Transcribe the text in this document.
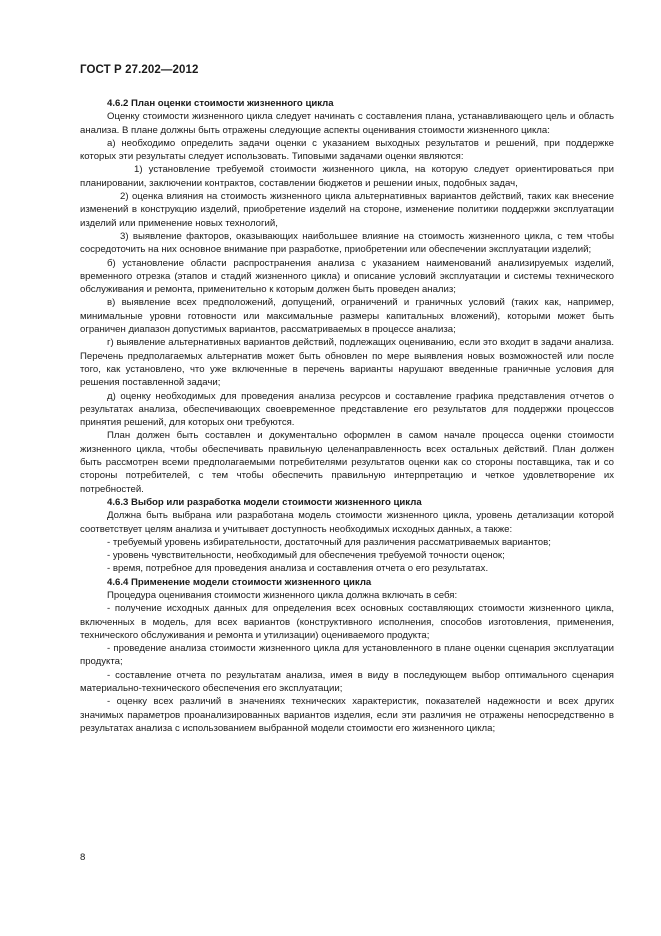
ГОСТ Р 27.202—2012

4.6.2 План оценки стоимости жизненного цикла

Оценку стоимости жизненного цикла следует начинать с составления плана, устанавливающего цель и область анализа. В плане должны быть отражены следующие аспекты оценивания стоимости жизненного цикла:

а) необходимо определить задачи оценки с указанием выходных результатов и решений, при поддержке которых эти результаты следует использовать. Типовыми задачами оценки являются:

1) установление требуемой стоимости жизненного цикла, на которую следует ориентироваться при планировании, заключении контрактов, составлении бюджетов и решении иных, подобных задач,

2) оценка влияния на стоимость жизненного цикла альтернативных вариантов действий, таких как внесение изменений в конструкцию изделий, приобретение изделий на стороне, изменение политики поддержки эксплуатации изделий или применение новых технологий,

3) выявление факторов, оказывающих наибольшее влияние на стоимость жизненного цикла, с тем чтобы сосредоточить на них основное внимание при разработке, приобретении или обеспечении эксплуатации изделий;

б) установление области распространения анализа с указанием наименований анализируемых изделий, временного отрезка (этапов и стадий жизненного цикла) и описание условий эксплуатации и системы технического обслуживания и ремонта, применительно к которым должен быть проведен анализ;

в) выявление всех предположений, допущений, ограничений и граничных условий (таких как, например, минимальные уровни готовности или максимальные размеры капитальных вложений), которыми может быть ограничен диапазон допустимых вариантов, рассматриваемых в процессе анализа;

г) выявление альтернативных вариантов действий, подлежащих оцениванию, если это входит в задачи анализа. Перечень предполагаемых альтернатив может быть обновлен по мере выявления новых возможностей или после того, как установлено, что уже включенные в перечень варианты нарушают введенные граничные условия для решения поставленной задачи;

д) оценку необходимых для проведения анализа ресурсов и составление графика представления отчетов о результатах анализа, обеспечивающих своевременное представление его результатов для поддержки процессов принятия решений, для которых они требуются.

План должен быть составлен и документально оформлен в самом начале процесса оценки стоимости жизненного цикла, чтобы обеспечивать правильную целенаправленность всех остальных действий. План должен быть рассмотрен всеми предполагаемыми потребителями результатов оценки как со стороны поставщика, так и со стороны потребителей, с тем чтобы обеспечить правильную интерпретацию и четкое удовлетворение их потребностей.

4.6.3 Выбор или разработка модели стоимости жизненного цикла

Должна быть выбрана или разработана модель стоимости жизненного цикла, уровень детализации которой соответствует целям анализа и учитывает доступность необходимых исходных данных, а также:

- требуемый уровень избирательности, достаточный для различения рассматриваемых вариантов;

- уровень чувствительности, необходимый для обеспечения требуемой точности оценок;

- время, потребное для проведения анализа и составления отчета о его результатах.

4.6.4 Применение модели стоимости жизненного цикла

Процедура оценивания стоимости жизненного цикла должна включать в себя:

- получение исходных данных для определения всех основных составляющих стоимости жизненного цикла, включенных в модель, для всех вариантов (конструктивного исполнения, способов изготовления, применения, технического обслуживания и ремонта и утилизации) оцениваемого продукта;

- проведение анализа стоимости жизненного цикла для установленного в плане оценки сценария эксплуатации продукта;

- составление отчета по результатам анализа, имея в виду в последующем выбор оптимального сценария материально-технического обеспечения его эксплуатации;

- оценку всех различий в значениях технических характеристик, показателей надежности и всех других значимых параметров проанализированных вариантов изделия, если эти различия не отражены непосредственно в результатах анализа с использованием выбранной модели стоимости его жизненного цикла;

8
